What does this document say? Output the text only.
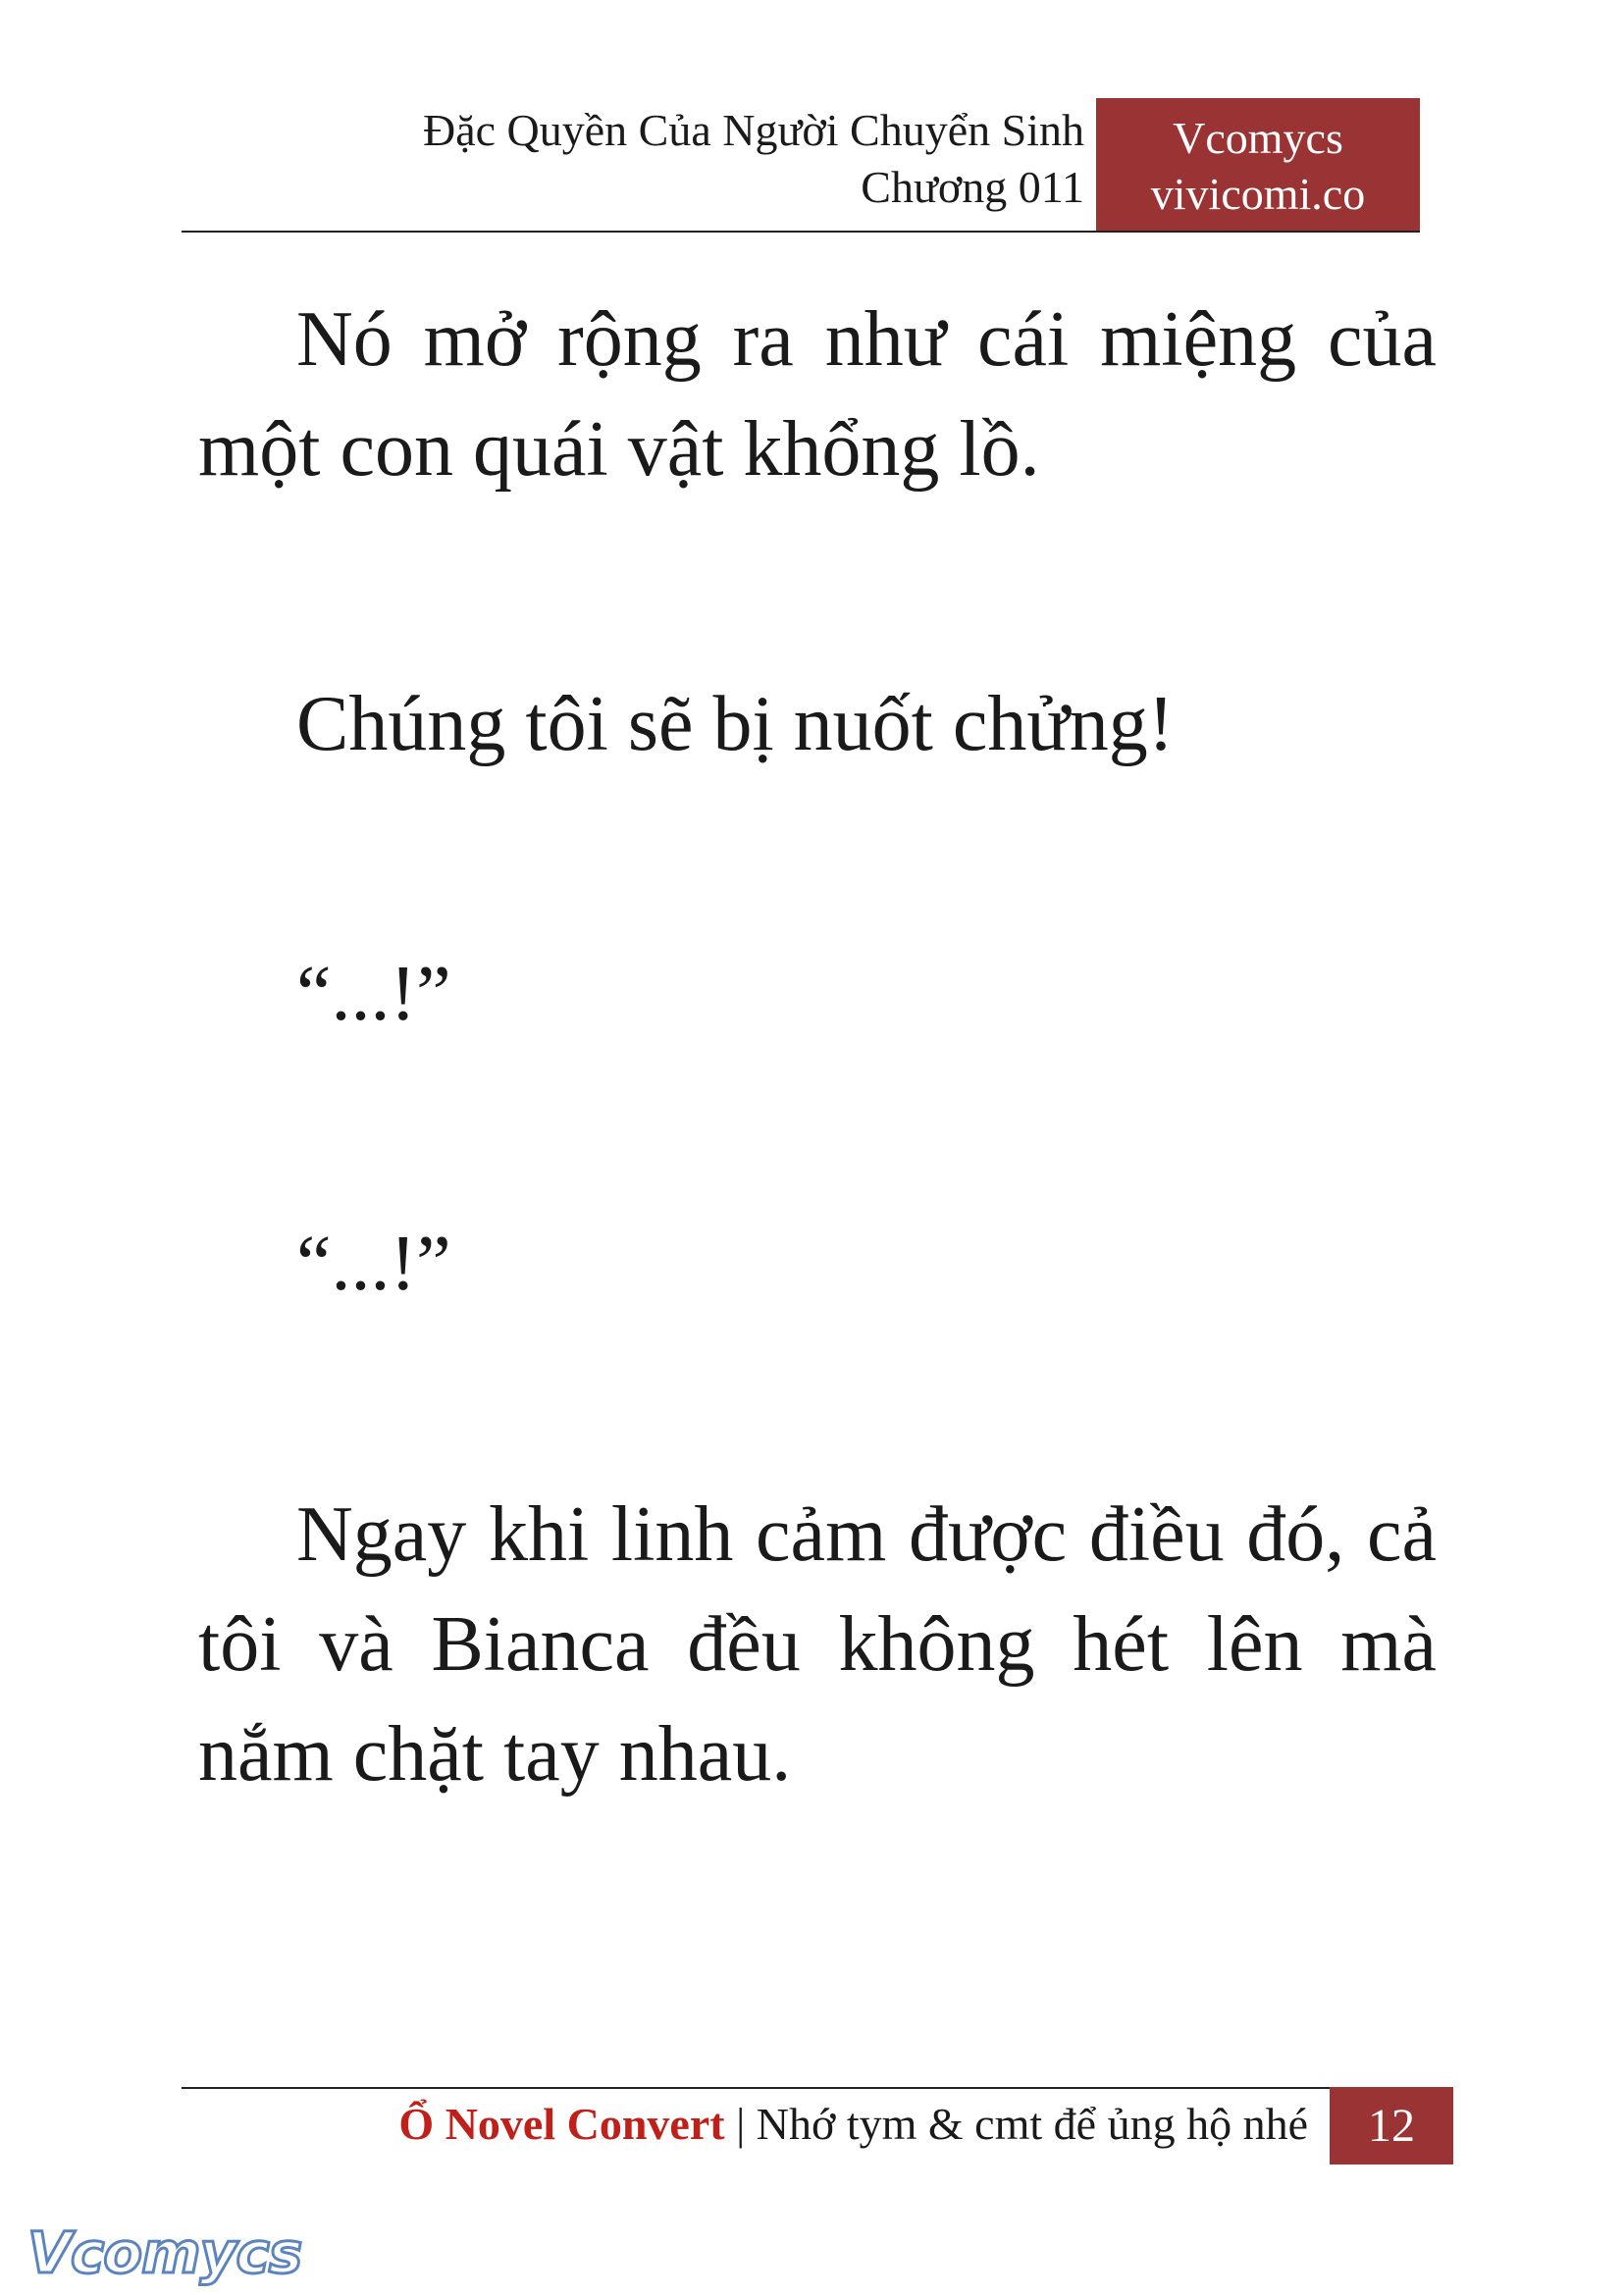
Đặc Quyền Của Người Chuyển Sinh
Chương 011
Vcomycs
vivicomi.co

Nó mở rộng ra như cái miệng của một con quái vật khổng lồ.

Chúng tôi sẽ bị nuốt chửng!

“...!”

“...!”

Ngay khi linh cảm được điều đó, cả tôi và Bianca đều không hét lên mà nắm chặt tay nhau.

Ổ Novel Convert | Nhớ tym & cmt để ủng hộ nhé	12
Vcomycs
